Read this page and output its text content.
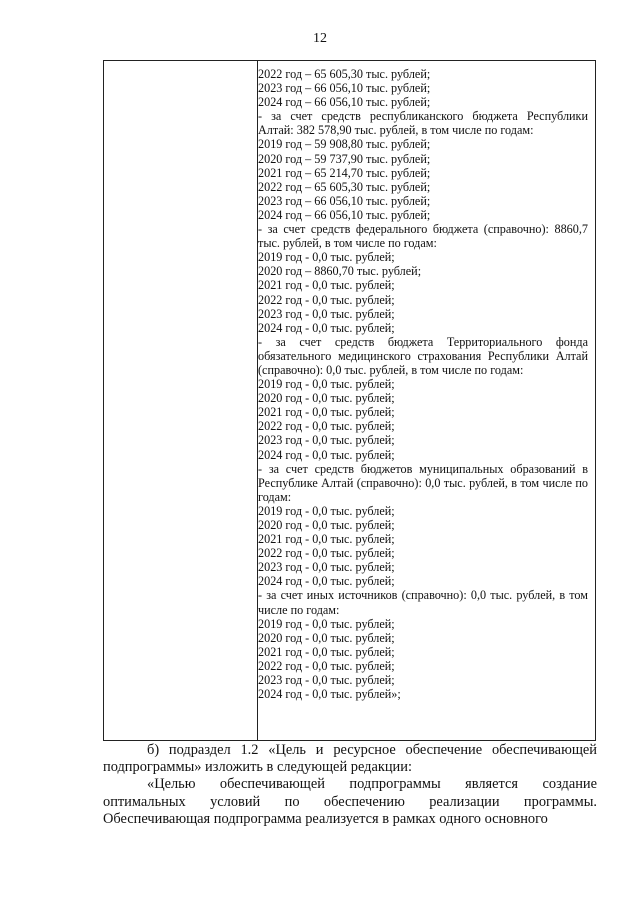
12
2022 год – 65 605,30 тыс. рублей;
2023 год – 66 056,10 тыс. рублей;
2024 год – 66 056,10 тыс. рублей;
- за счет средств республиканского бюджета Республики Алтай: 382 578,90 тыс. рублей, в том числе по годам:
2019 год – 59 908,80 тыс. рублей;
2020 год – 59 737,90 тыс. рублей;
2021 год – 65 214,70 тыс. рублей;
2022 год – 65 605,30 тыс. рублей;
2023 год – 66 056,10 тыс. рублей;
2024 год – 66 056,10 тыс. рублей;
- за счет средств федерального бюджета (справочно): 8860,7 тыс. рублей, в том числе по годам:
2019 год - 0,0 тыс. рублей;
2020 год – 8860,70 тыс. рублей;
2021 год - 0,0 тыс. рублей;
2022 год - 0,0 тыс. рублей;
2023 год - 0,0 тыс. рублей;
2024 год - 0,0 тыс. рублей;
- за счет средств бюджета Территориального фонда обязательного медицинского страхования Республики Алтай (справочно): 0,0 тыс. рублей, в том числе по годам:
2019 год - 0,0 тыс. рублей;
2020 год - 0,0 тыс. рублей;
2021 год - 0,0 тыс. рублей;
2022 год - 0,0 тыс. рублей;
2023 год - 0,0 тыс. рублей;
2024 год - 0,0 тыс. рублей;
- за счет средств бюджетов муниципальных образований в Республике Алтай (справочно): 0,0 тыс. рублей, в том числе по годам:
2019 год - 0,0 тыс. рублей;
2020 год - 0,0 тыс. рублей;
2021 год - 0,0 тыс. рублей;
2022 год - 0,0 тыс. рублей;
2023 год - 0,0 тыс. рублей;
2024 год - 0,0 тыс. рублей;
- за счет иных источников (справочно): 0,0 тыс. рублей, в том числе по годам:
2019 год - 0,0 тыс. рублей;
2020 год - 0,0 тыс. рублей;
2021 год - 0,0 тыс. рублей;
2022 год - 0,0 тыс. рублей;
2023 год - 0,0 тыс. рублей;
2024 год - 0,0 тыс. рублей»;

б) подраздел 1.2 «Цель и ресурсное обеспечение обеспечивающей подпрограммы» изложить в следующей редакции:

«Целью обеспечивающей подпрограммы является создание оптимальных условий по обеспечению реализации программы. Обеспечивающая подпрограмма реализуется в рамках одного основного
